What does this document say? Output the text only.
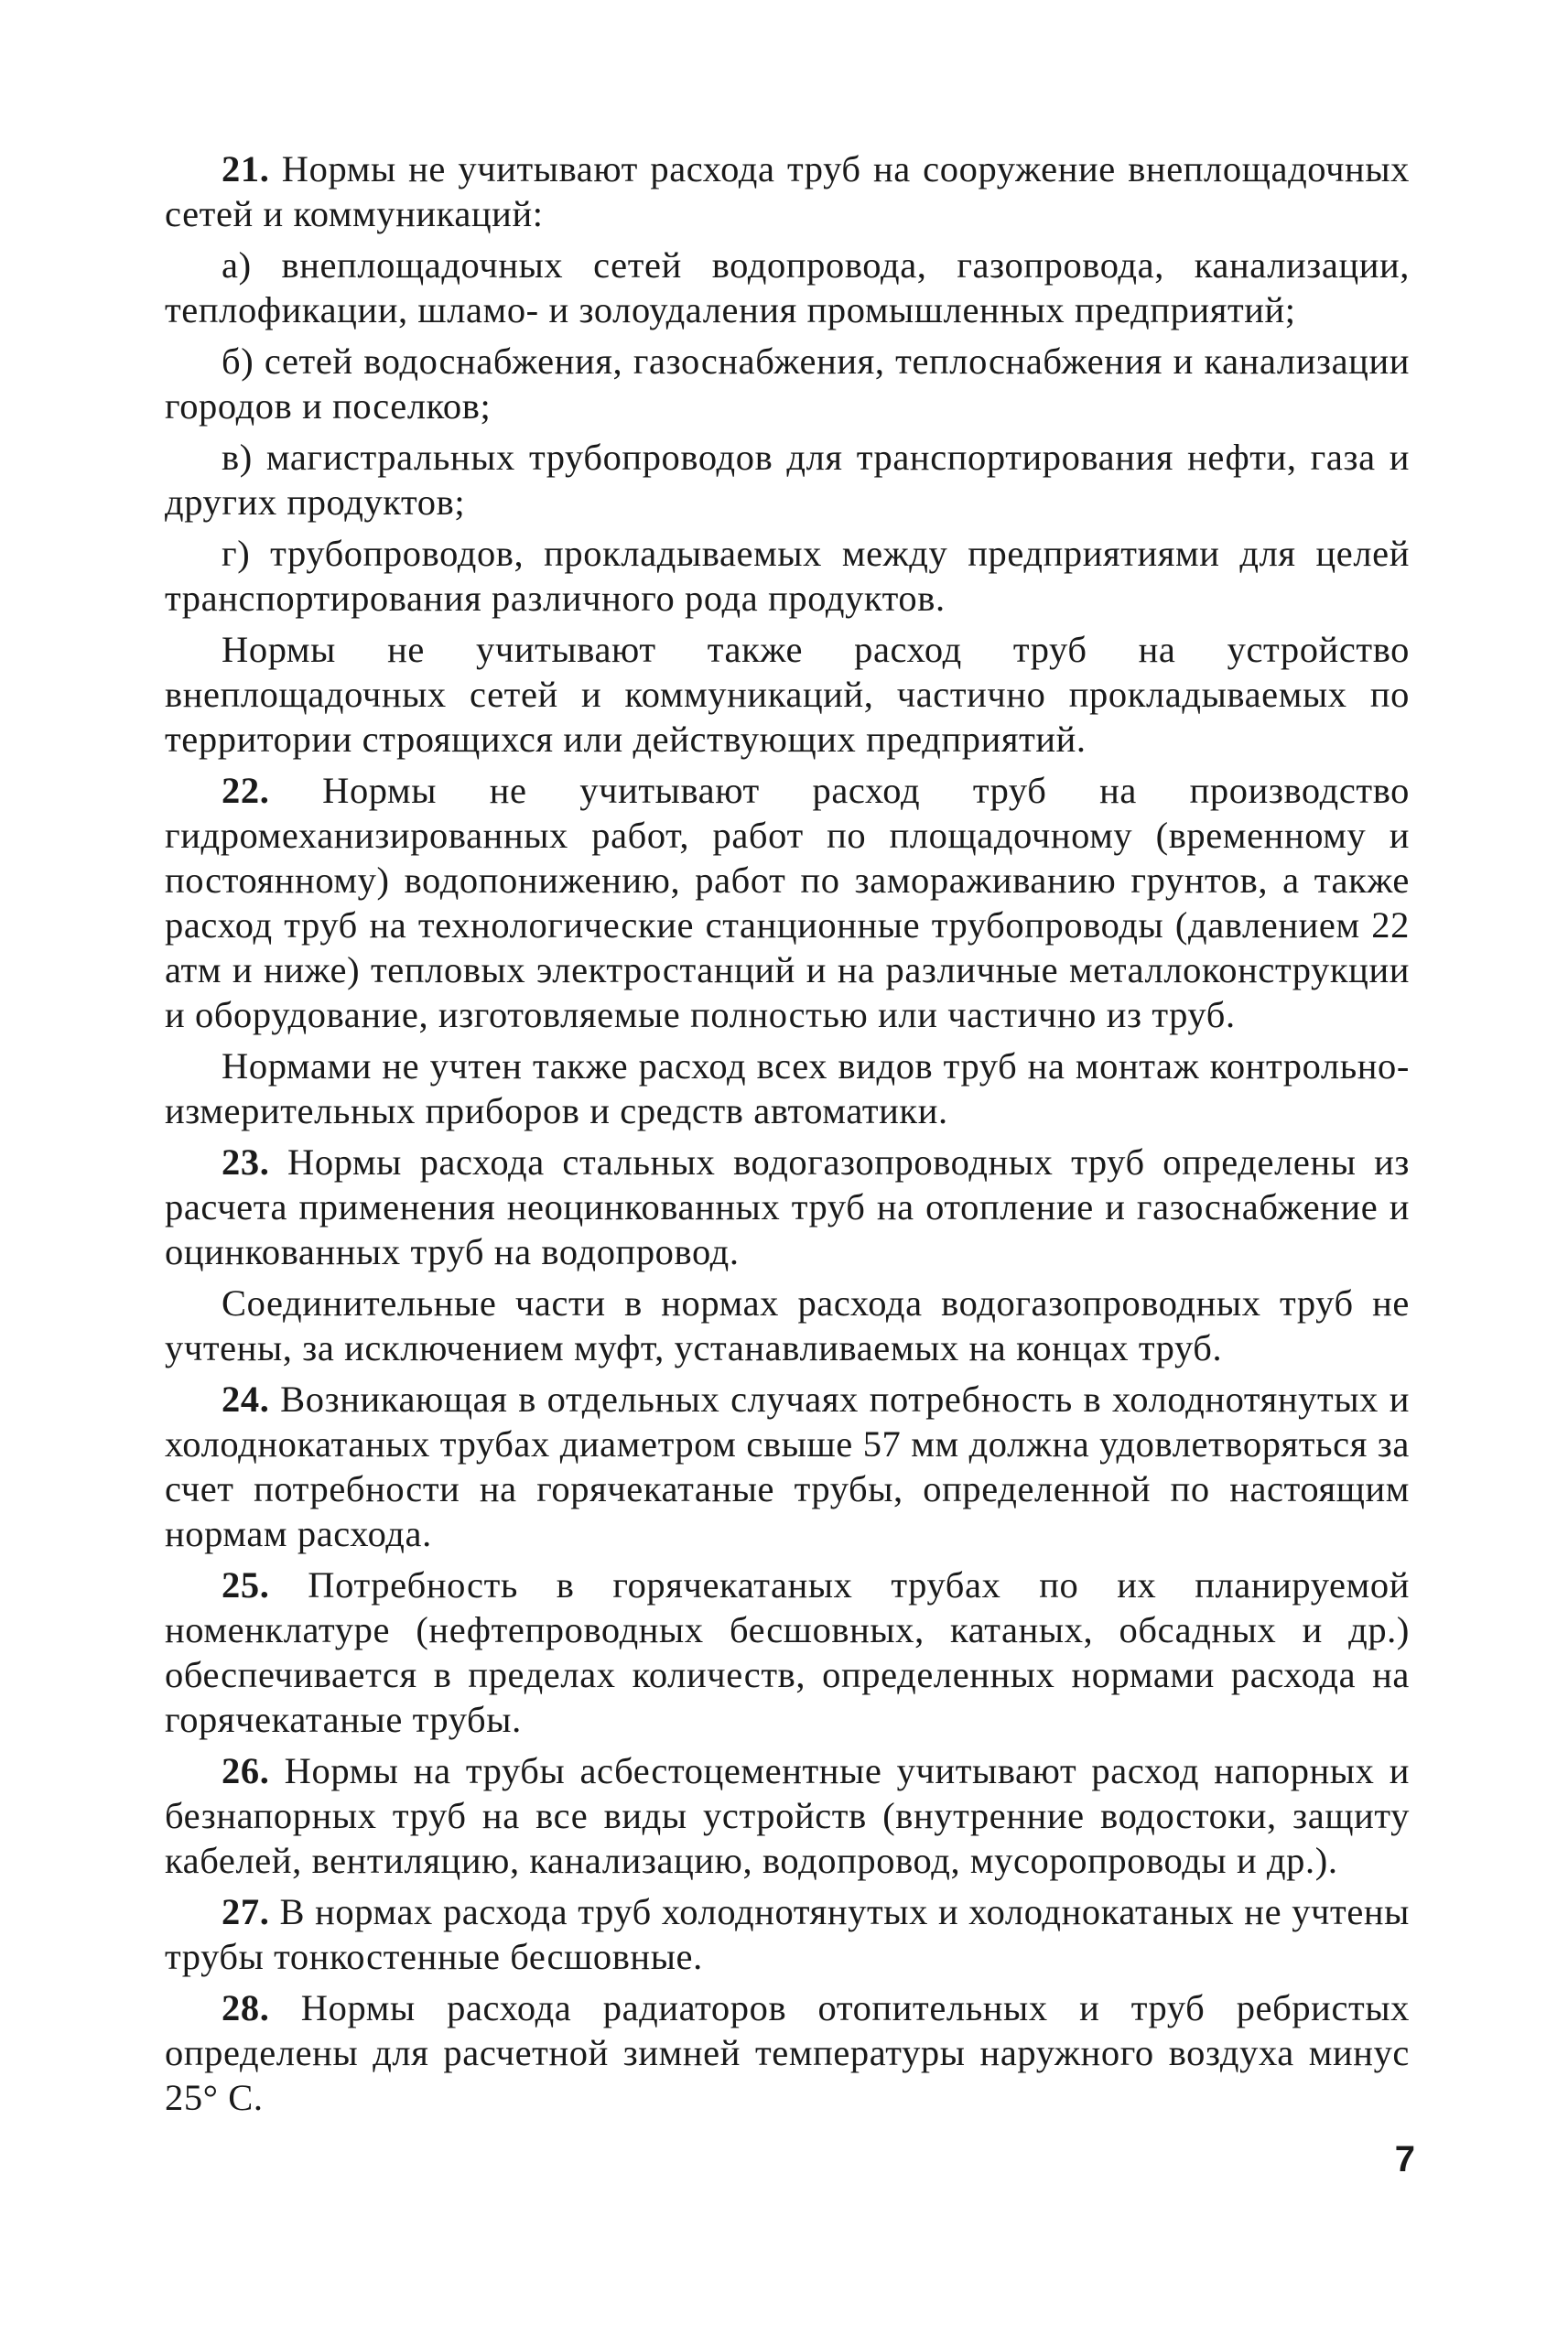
21. Нормы не учитывают расхода труб на сооружение внеплощадочных сетей и коммуникаций:

а) внеплощадочных сетей водопровода, газопровода, канализации, теплофикации, шламо- и золоудаления промышленных предприятий;

б) сетей водоснабжения, газоснабжения, теплоснабжения и канализации городов и поселков;

в) магистральных трубопроводов для транспортирования нефти, газа и других продуктов;

г) трубопроводов, прокладываемых между предприятиями для целей транспортирования различного рода продуктов.

Нормы не учитывают также расход труб на устройство внеплощадочных сетей и коммуникаций, частично прокладываемых по территории строящихся или действующих предприятий.

22. Нормы не учитывают расход труб на производство гидромеханизированных работ, работ по площадочному (временному и постоянному) водопонижению, работ по замораживанию грунтов, а также расход труб на технологические станционные трубопроводы (давлением 22 атм и ниже) тепловых электростанций и на различные металлоконструкции и оборудование, изготовляемые полностью или частично из труб.

Нормами не учтен также расход всех видов труб на монтаж контрольно-измерительных приборов и средств автоматики.

23. Нормы расхода стальных водогазопроводных труб определены из расчета применения неоцинкованных труб на отопление и газоснабжение и оцинкованных труб на водопровод.

Соединительные части в нормах расхода водогазопроводных труб не учтены, за исключением муфт, устанавливаемых на концах труб.

24. Возникающая в отдельных случаях потребность в холоднотянутых и холоднокатаных трубах диаметром свыше 57 мм должна удовлетворяться за счет потребности на горячекатаные трубы, определенной по настоящим нормам расхода.

25. Потребность в горячекатаных трубах по их планируемой номенклатуре (нефтепроводных бесшовных, катаных, обсадных и др.) обеспечивается в пределах количеств, определенных нормами расхода на горячекатаные трубы.

26. Нормы на трубы асбестоцементные учитывают расход напорных и безнапорных труб на все виды устройств (внутренние водостоки, защиту кабелей, вентиляцию, канализацию, водопровод, мусоропроводы и др.).

27. В нормах расхода труб холоднотянутых и холоднокатаных не учтены трубы тонкостенные бесшовные.

28. Нормы расхода радиаторов отопительных и труб ребристых определены для расчетной зимней температуры наружного воздуха минус 25° С.

7
